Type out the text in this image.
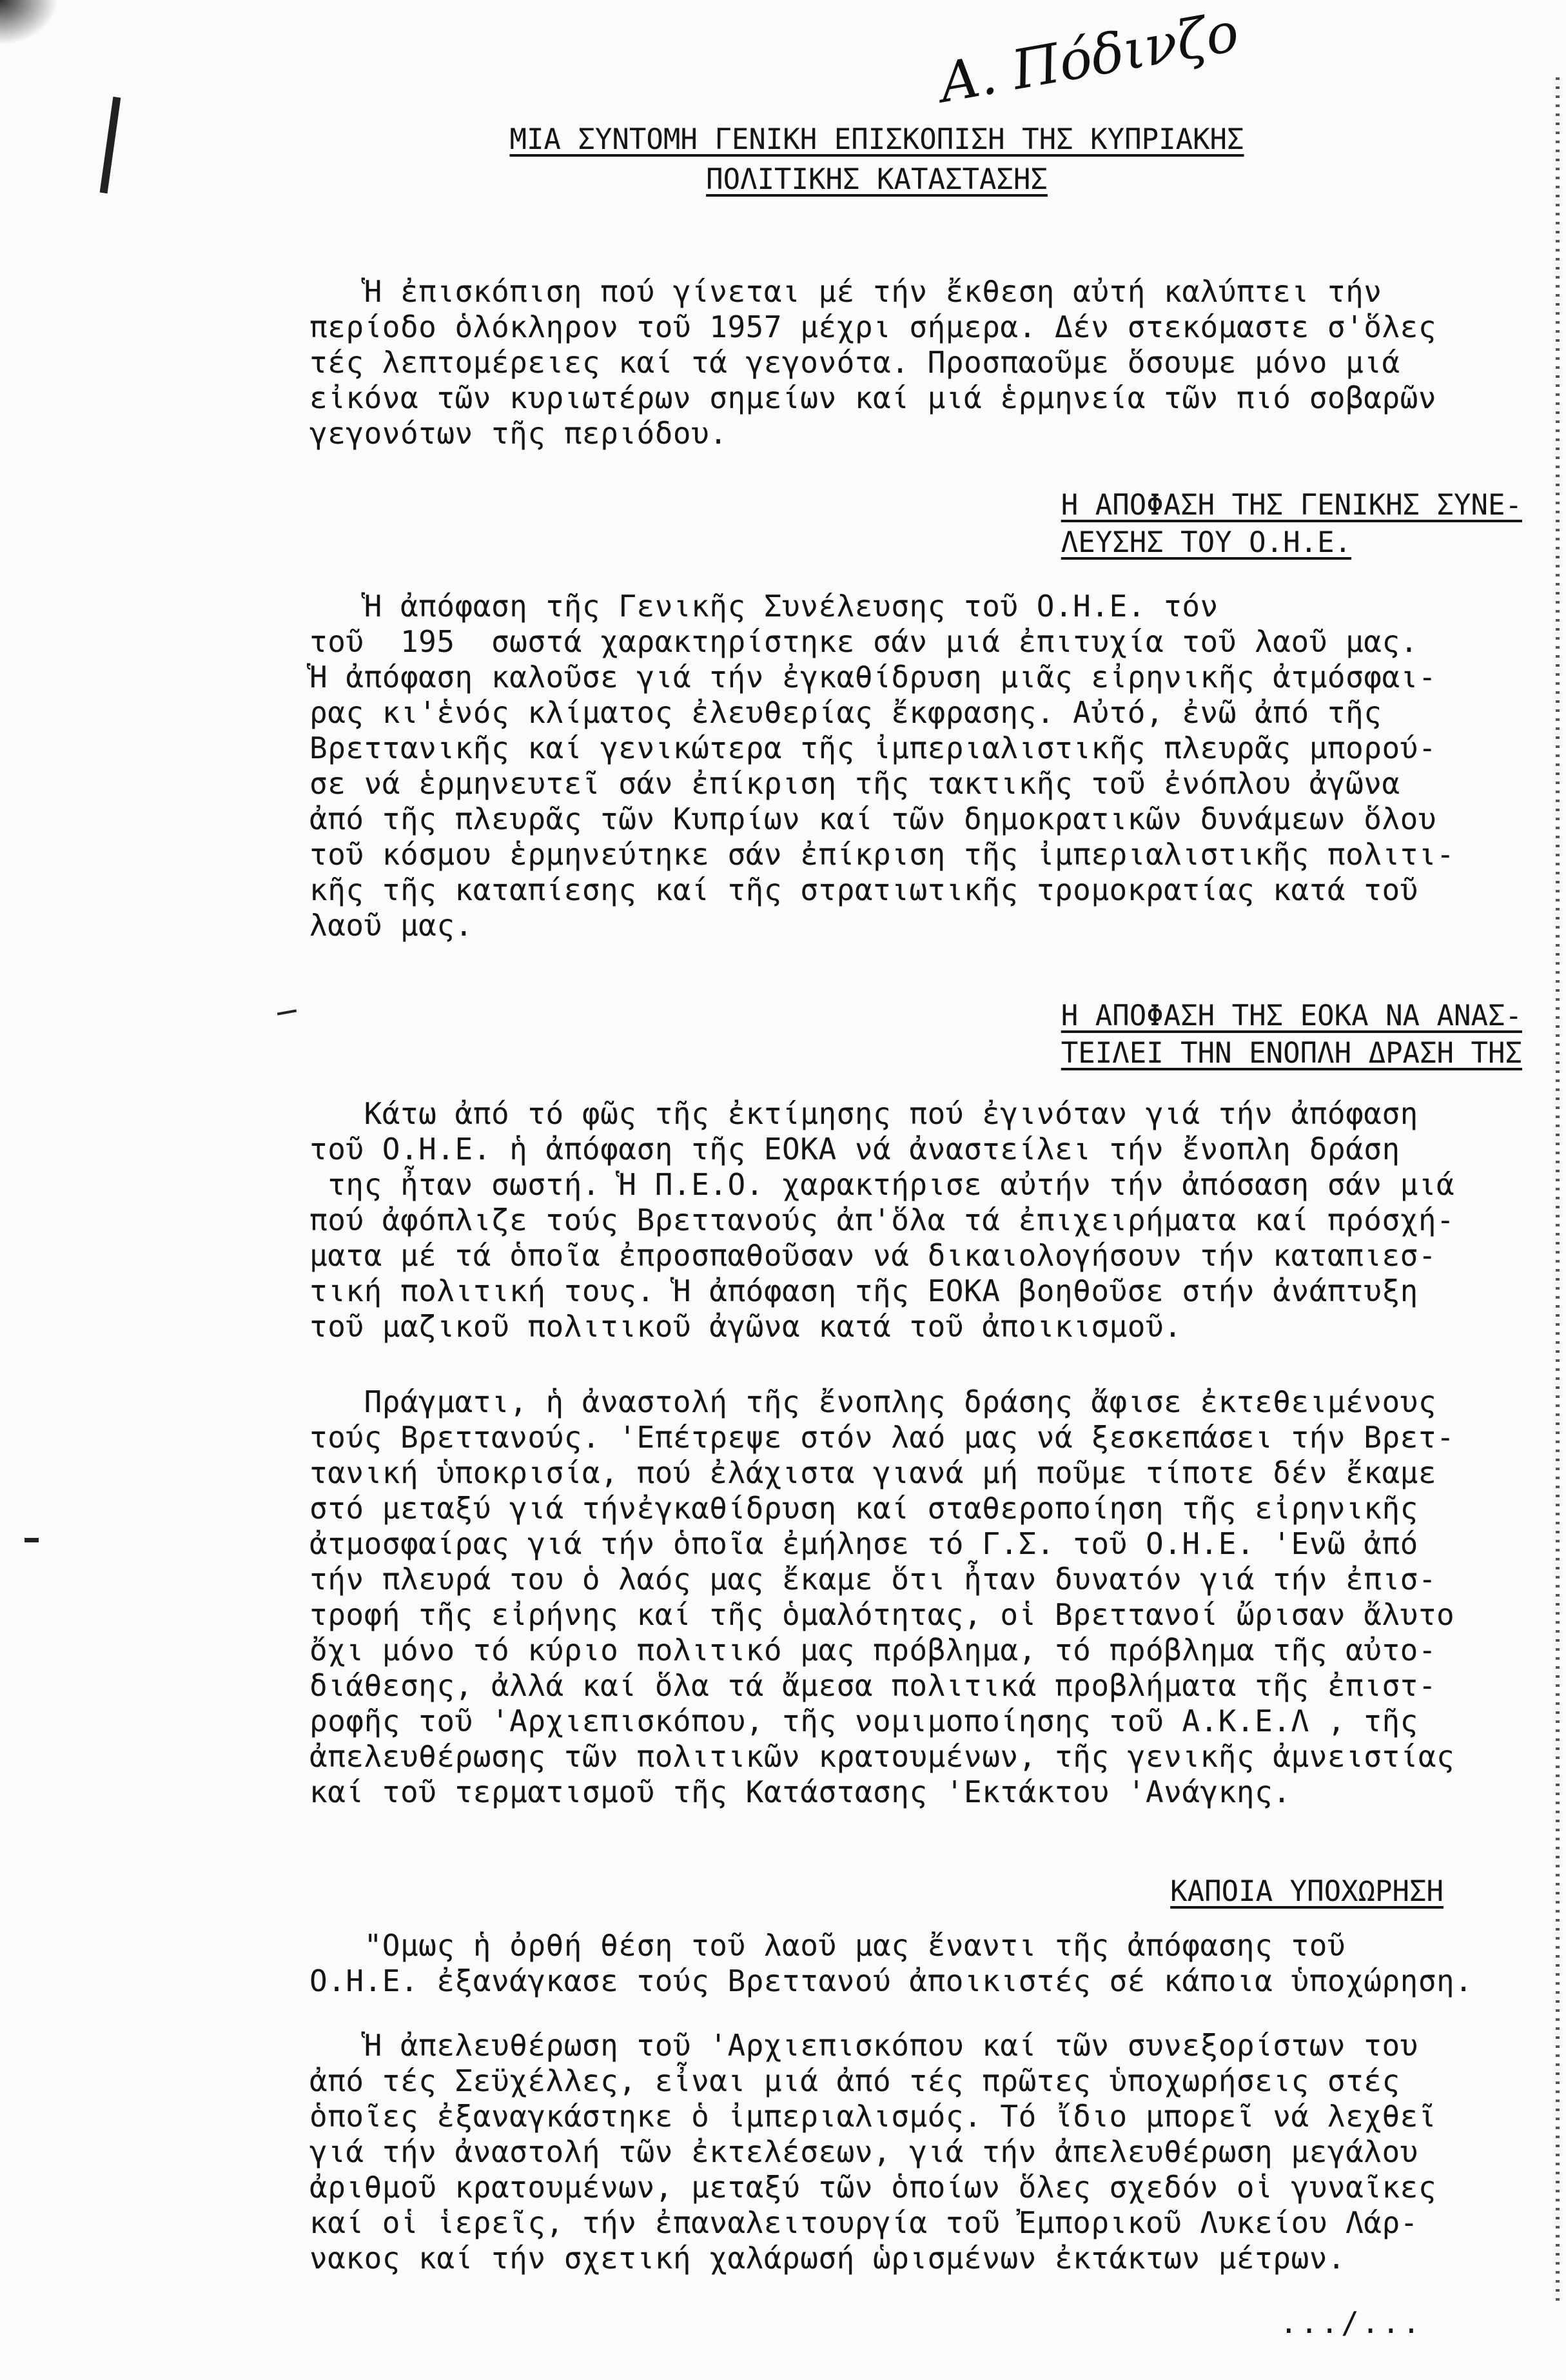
Α. Πόδινζο
ΜΙΑ ΣΥΝΤΟΜΗ ΓΕΝΙΚΗ ΕΠΙΣΚΟΠΙΣΗ ΤΗΣ ΚΥΠΡΙΑΚΗΣ
ΠΟΛΙΤΙΚΗΣ ΚΑΤΑΣΤΑΣΗΣ
Ἡ ἐπισκόπιση πού γίνεται μέ τήν ἔκθεση αὐτή καλύπτει τήν
περίοδο ὁλόκληρον τοῦ 1957 μέχρι σήμερα. Δέν στεκόμαστε σ'ὅλες
τές λεπτομέρειες καί τά γεγονότα. Προσπαοῦμε ὅσουμε μόνο μιά
εἰκόνα τῶν κυριωτέρων σημείων καί μιά ἑρμηνεία τῶν πιό σοβαρῶν
γεγονότων τῆς περιόδου.
Η ΑΠΟΦΑΣΗ ΤΗΣ ΓΕΝΙΚΗΣ ΣΥΝΕ-
ΛΕΥΣΗΣ ΤΟΥ Ο.Η.Ε.
Ἡ ἀπόφαση τῆς Γενικῆς Συνέλευσης τοῦ Ο.Η.Ε. τόν
τοῦ  195  σωστά χαρακτηρίστηκε σάν μιά ἐπιτυχία τοῦ λαοῦ μας.
Ἡ ἀπόφαση καλοῦσε γιά τήν ἐγκαθίδρυση μιᾶς εἰρηνικῆς ἀτμόσφαι-
ρας κι'ἑνός κλίματος ἐλευθερίας ἔκφρασης. Αὐτό, ἐνῶ ἀπό τῆς
Βρεττανικῆς καί γενικώτερα τῆς ἰμπεριαλιστικῆς πλευρᾶς μπορού-
σε νά ἑρμηνευτεῖ σάν ἐπίκριση τῆς τακτικῆς τοῦ ἐνόπλου ἀγῶνα
ἀπό τῆς πλευρᾶς τῶν Κυπρίων καί τῶν δημοκρατικῶν δυνάμεων ὅλου
τοῦ κόσμου ἑρμηνεύτηκε σάν ἐπίκριση τῆς ἰμπεριαλιστικῆς πολιτι-
κῆς τῆς καταπίεσης καί τῆς στρατιωτικῆς τρομοκρατίας κατά τοῦ
λαοῦ μας.
Η ΑΠΟΦΑΣΗ ΤΗΣ ΕΟΚΑ ΝΑ ΑΝΑΣ-
ΤΕΙΛΕΙ ΤΗΝ ΕΝΟΠΛΗ ΔΡΑΣΗ ΤΗΣ
Κάτω ἀπό τό φῶς τῆς ἐκτίμησης πού ἐγινόταν γιά τήν ἀπόφαση
τοῦ Ο.Η.Ε. ἡ ἀπόφαση τῆς ΕΟΚΑ νά ἀναστείλει τήν ἔνοπλη δράση
της ἦταν σωστή. Ἡ Π.Ε.Ο. χαρακτήρισε αὐτήν τήν ἀπόσαση σάν μιά
πού ἀφόπλιζε τούς Βρεττανούς ἀπ'ὅλα τά ἐπιχειρήματα καί πρόσχή-
ματα μέ τά ὁποῖα ἐπροσπαθοῦσαν νά δικαιολογήσουν τήν καταπιεσ-
τική πολιτική τους. Ἡ ἀπόφαση τῆς ΕΟΚΑ βοηθοῦσε στήν ἀνάπτυξη
τοῦ μαζικοῦ πολιτικοῦ ἀγῶνα κατά τοῦ ἀποικισμοῦ.
Πράγματι, ἡ ἀναστολή τῆς ἔνοπλης δράσης ἄφισε ἐκτεθειμένους
τούς Βρεττανούς. 'Επέτρεψε στόν λαό μας νά ξεσκεπάσει τήν Βρετ-
τανική ὑποκρισία, πού ἐλάχιστα γιανά μή ποῦμε τίποτε δέν ἔκαμε
στό μεταξύ γιά τήνἐγκαθίδρυση καί σταθεροποίηση τῆς εἰρηνικῆς
ἀτμοσφαίρας γιά τήν ὁποῖα ἐμήλησε τό Γ.Σ. τοῦ Ο.Η.Ε. 'Ενῶ ἀπό
τήν πλευρά του ὁ λαός μας ἔκαμε ὅτι ἦταν δυνατόν γιά τήν ἐπισ-
τροφή τῆς εἰρήνης καί τῆς ὁμαλότητας, οἱ Βρεττανοί ὤρισαν ἄλυτο
ὄχι μόνο τό κύριο πολιτικό μας πρόβλημα, τό πρόβλημα τῆς αὐτο-
διάθεσης, ἀλλά καί ὅλα τά ἄμεσα πολιτικά προβλήματα τῆς ἐπιστ-
ροφῆς τοῦ 'Αρχιεπισκόπου, τῆς νομιμοποίησης τοῦ Α.Κ.Ε.Λ , τῆς
ἀπελευθέρωσης τῶν πολιτικῶν κρατουμένων, τῆς γενικῆς ἀμνειστίας
καί τοῦ τερματισμοῦ τῆς Κατάστασης 'Εκτάκτου 'Ανάγκης.
ΚΑΠΟΙΑ ΥΠΟΧΩΡΗΣΗ
"Ομως ἡ ὀρθή θέση τοῦ λαοῦ μας ἔναντι τῆς ἀπόφασης τοῦ
Ο.Η.Ε. ἐξανάγκασε τούς Βρεττανού ἀποικιστές σέ κάποια ὑποχώρηση.
Ἡ ἀπελευθέρωση τοῦ 'Αρχιεπισκόπου καί τῶν συνεξορίστων του
ἀπό τές Σεϋχέλλες, εἶναι μιά ἀπό τές πρῶτες ὑποχωρήσεις στές
ὁποῖες ἐξαναγκάστηκε ὁ ἰμπεριαλισμός. Τό ἴδιο μπορεῖ νά λεχθεῖ
γιά τήν ἀναστολή τῶν ἐκτελέσεων, γιά τήν ἀπελευθέρωση μεγάλου
ἀριθμοῦ κρατουμένων, μεταξύ τῶν ὁποίων ὅλες σχεδόν οἱ γυναῖκες
καί οἱ ἱερεῖς, τήν ἐπαναλειτουργία τοῦ Ἐμπορικοῦ Λυκείου Λάρ-
νακος καί τήν σχετική χαλάρωσή ὡρισμένων ἐκτάκτων μέτρων.
.../...
